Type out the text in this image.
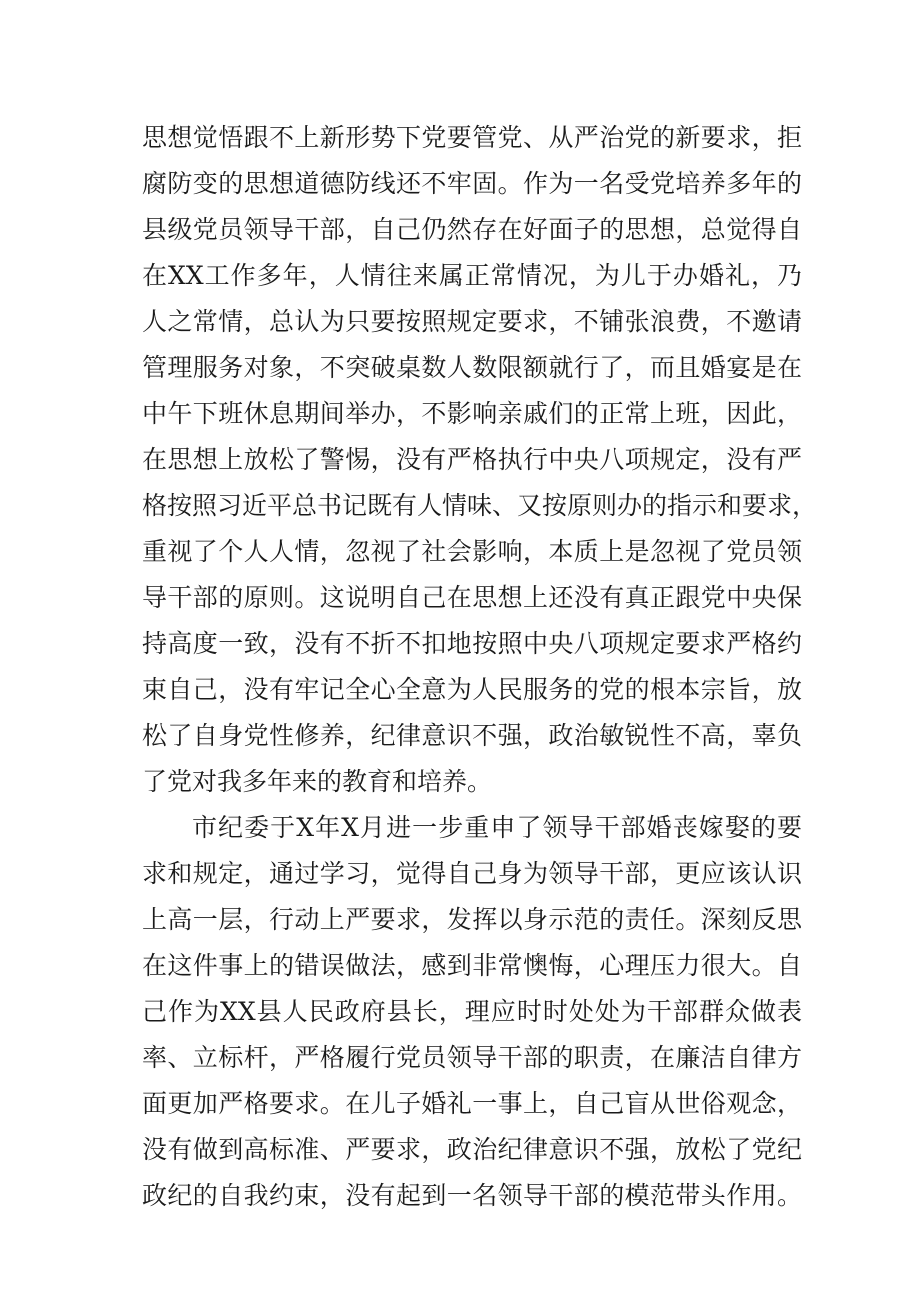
思想觉悟跟不上新形势下党要管党、从严治党的新要求，拒
腐防变的思想道德防线还不牢固。作为一名受党培养多年的
县级党员领导干部，自己仍然存在好面子的思想，总觉得自
在XX工作多年，人情往来属正常情况，为儿于办婚礼，乃
人之常情，总认为只要按照规定要求，不铺张浪费，不邀请
管理服务对象，不突破桌数人数限额就行了，而且婚宴是在
中午下班休息期间举办，不影响亲戚们的正常上班，因此，
在思想上放松了警惕，没有严格执行中央八项规定，没有严
格按照习近平总书记既有人情味、又按原则办的指示和要求，
重视了个人人情，忽视了社会影响，本质上是忽视了党员领
导干部的原则。这说明自己在思想上还没有真正跟党中央保
持高度一致，没有不折不扣地按照中央八项规定要求严格约
束自己，没有牢记全心全意为人民服务的党的根本宗旨，放
松了自身党性修养，纪律意识不强，政治敏锐性不高，辜负
了党对我多年来的教育和培养。
市纪委于X年X月进一步重申了领导干部婚丧嫁娶的要
求和规定，通过学习，觉得自己身为领导干部，更应该认识
上高一层，行动上严要求，发挥以身示范的责任。深刻反思
在这件事上的错误做法，感到非常懊悔，心理压力很大。自
己作为XX县人民政府县长，理应时时处处为干部群众做表
率、立标杆，严格履行党员领导干部的职责，在廉洁自律方
面更加严格要求。在儿子婚礼一事上，自己盲从世俗观念，
没有做到高标准、严要求，政治纪律意识不强，放松了党纪
政纪的自我约束，没有起到一名领导干部的模范带头作用。
